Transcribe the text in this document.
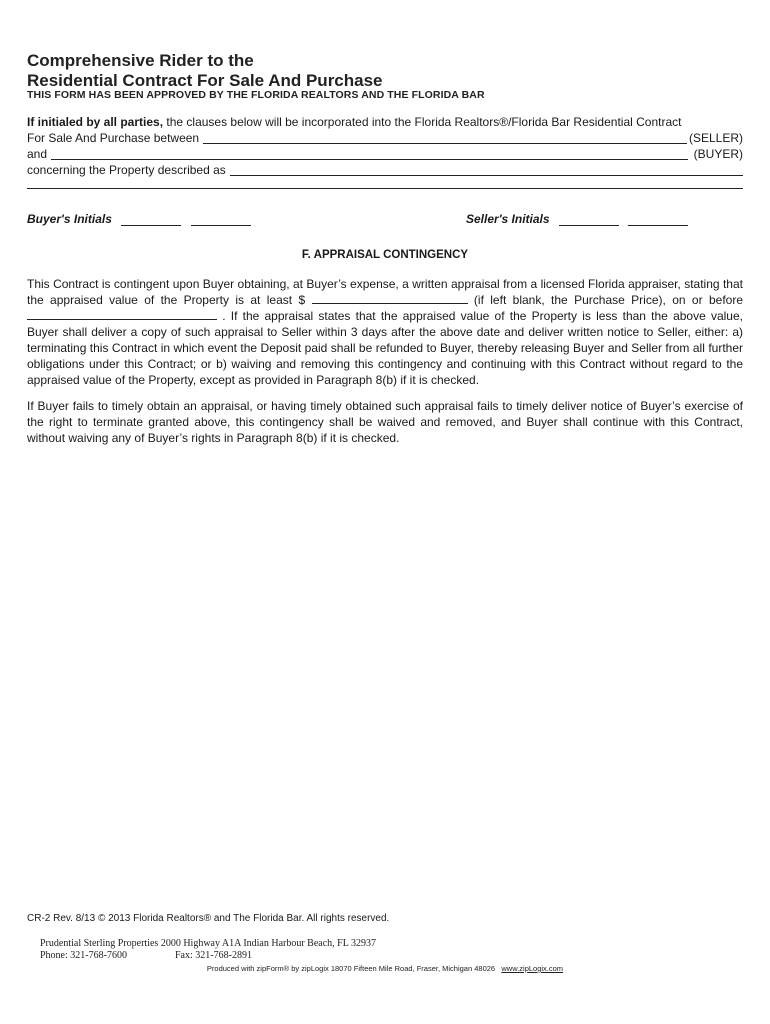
Comprehensive Rider to the
Residential Contract For Sale And Purchase
THIS FORM HAS BEEN APPROVED BY THE FLORIDA REALTORS AND THE FLORIDA BAR
If initialed by all parties, the clauses below will be incorporated into the Florida Realtors®/Florida Bar Residential Contract
For Sale And Purchase between	(SELLER)
and	(BUYER)
concerning the Property described as
Buyer's Initials	Seller's Initials
F. APPRAISAL CONTINGENCY
This Contract is contingent upon Buyer obtaining, at Buyer’s expense, a written appraisal from a licensed Florida appraiser, stating that the appraised value of the Property is at least $	(if left blank, the Purchase Price), on or before  . If the appraisal states that the appraised value of the Property is less than the above value, Buyer shall deliver a copy of such appraisal to Seller within 3 days after the above date and deliver written notice to Seller, either: a) terminating this Contract in which event the Deposit paid shall be refunded to Buyer, thereby releasing Buyer and Seller from all further obligations under this Contract; or b) waiving and removing this contingency and continuing with this Contract without regard to the appraised value of the Property, except as provided in Paragraph 8(b) if it is checked.
If Buyer fails to timely obtain an appraisal, or having timely obtained such appraisal fails to timely deliver notice of Buyer’s exercise of the right to terminate granted above, this contingency shall be waived and removed, and Buyer shall continue with this Contract, without waiving any of Buyer’s rights in Paragraph 8(b) if it is checked.
CR-2 Rev. 8/13 © 2013 Florida Realtors® and The Florida Bar. All rights reserved.
Prudential Sterling Properties 2000 Highway A1A Indian Harbour Beach, FL 32937
Phone: 321-768-7600	Fax: 321-768-2891
Produced with zipForm® by zipLogix 18070 Fifteen Mile Road, Fraser, Michigan 48026 www.zipLogix.com
